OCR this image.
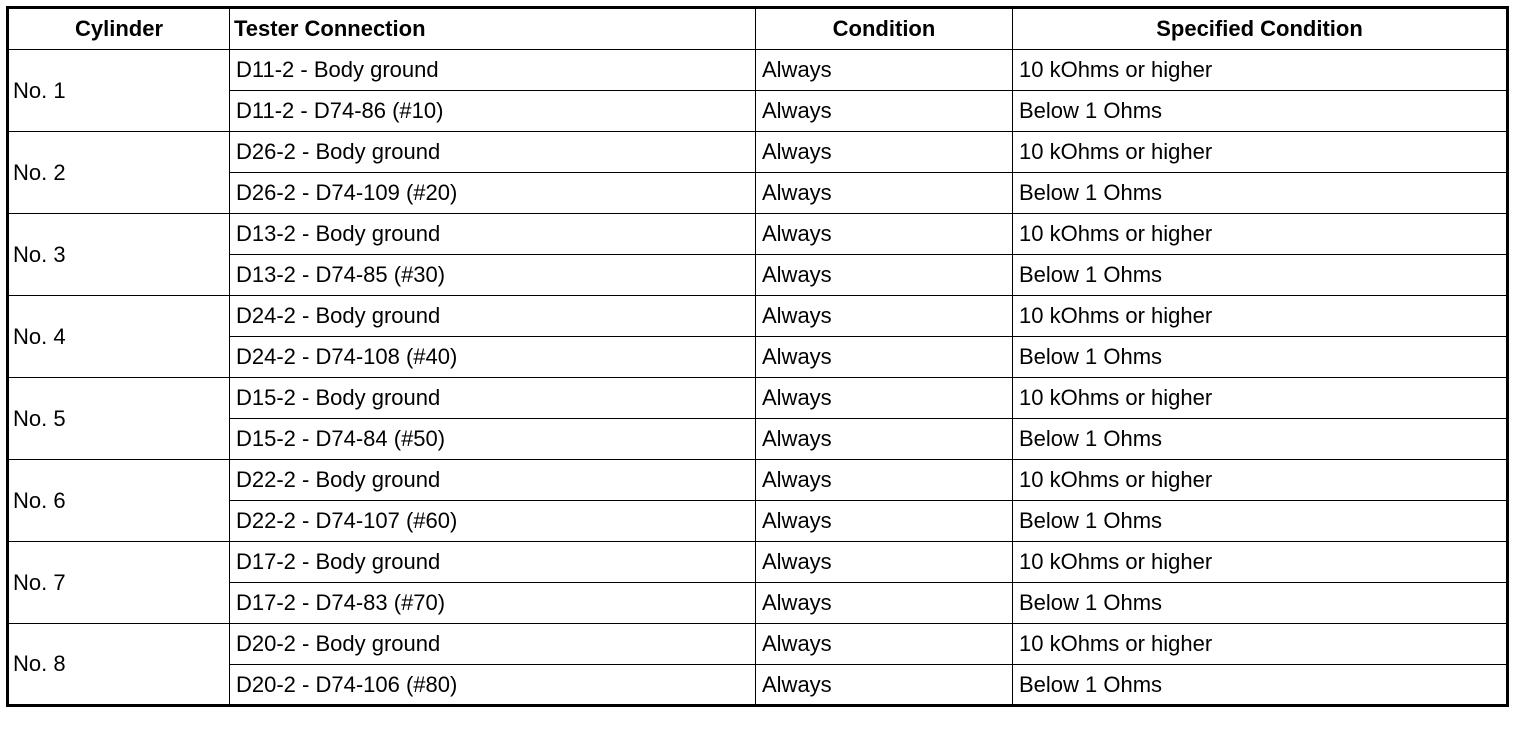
Cylinder	Tester Connection	Condition	Specified Condition
No. 1	D11-2 - Body ground	Always	10 kOhms or higher
	D11-2 - D74-86 (#10)	Always	Below 1 Ohms
No. 2	D26-2 - Body ground	Always	10 kOhms or higher
	D26-2 - D74-109 (#20)	Always	Below 1 Ohms
No. 3	D13-2 - Body ground	Always	10 kOhms or higher
	D13-2 - D74-85 (#30)	Always	Below 1 Ohms
No. 4	D24-2 - Body ground	Always	10 kOhms or higher
	D24-2 - D74-108 (#40)	Always	Below 1 Ohms
No. 5	D15-2 - Body ground	Always	10 kOhms or higher
	D15-2 - D74-84 (#50)	Always	Below 1 Ohms
No. 6	D22-2 - Body ground	Always	10 kOhms or higher
	D22-2 - D74-107 (#60)	Always	Below 1 Ohms
No. 7	D17-2 - Body ground	Always	10 kOhms or higher
	D17-2 - D74-83 (#70)	Always	Below 1 Ohms
No. 8	D20-2 - Body ground	Always	10 kOhms or higher
	D20-2 - D74-106 (#80)	Always	Below 1 Ohms
